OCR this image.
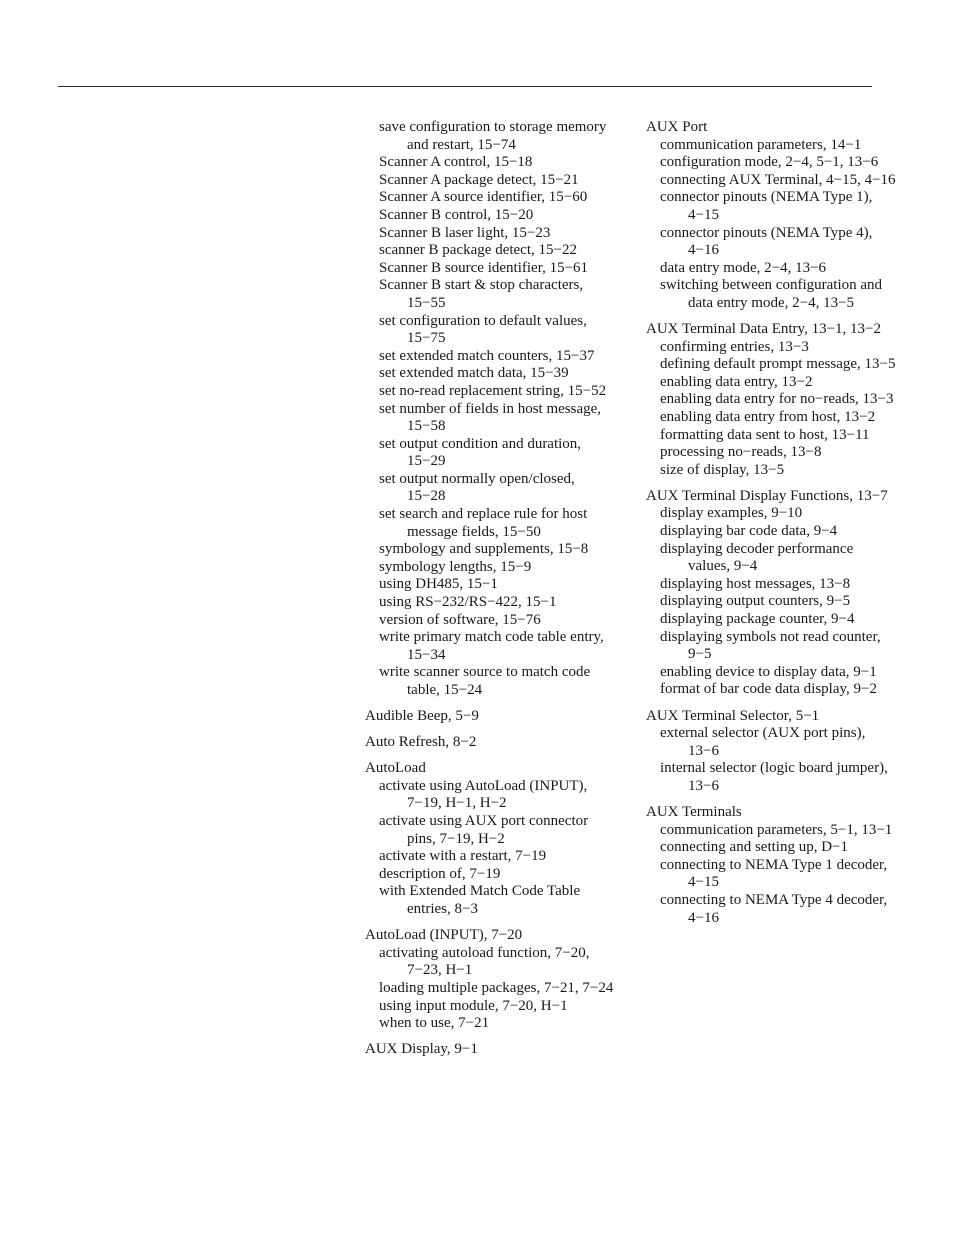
save configuration to storage memory and restart, 15−74
Scanner A control, 15−18
Scanner A package detect, 15−21
Scanner A source identifier, 15−60
Scanner B control, 15−20
Scanner B laser light, 15−23
scanner B package detect, 15−22
Scanner B source identifier, 15−61
Scanner B start & stop characters, 15−55
set configuration to default values, 15−75
set extended match counters, 15−37
set extended match data, 15−39
set no-read replacement string, 15−52
set number of fields in host message, 15−58
set output condition and duration, 15−29
set output normally open/closed, 15−28
set search and replace rule for host message fields, 15−50
symbology and supplements, 15−8
symbology lengths, 15−9
using DH485, 15−1
using RS−232/RS−422, 15−1
version of software, 15−76
write primary match code table entry, 15−34
write scanner source to match code table, 15−24
Audible Beep, 5−9
Auto Refresh, 8−2
AutoLoad
activate using AutoLoad (INPUT), 7−19, H−1, H−2
activate using AUX port connector pins, 7−19, H−2
activate with a restart, 7−19
description of, 7−19
with Extended Match Code Table entries, 8−3
AutoLoad (INPUT), 7−20
activating autoload function, 7−20, 7−23, H−1
loading multiple packages, 7−21, 7−24
using input module, 7−20, H−1
when to use, 7−21
AUX Display, 9−1
AUX Port
communication parameters, 14−1
configuration mode, 2−4, 5−1, 13−6
connecting AUX Terminal, 4−15, 4−16
connector pinouts (NEMA Type 1), 4−15
connector pinouts (NEMA Type 4), 4−16
data entry mode, 2−4, 13−6
switching between configuration and data entry mode, 2−4, 13−5
AUX Terminal Data Entry, 13−1, 13−2
confirming entries, 13−3
defining default prompt message, 13−5
enabling data entry, 13−2
enabling data entry for no−reads, 13−3
enabling data entry from host, 13−2
formatting data sent to host, 13−11
processing no−reads, 13−8
size of display, 13−5
AUX Terminal Display Functions, 13−7
display examples, 9−10
displaying bar code data, 9−4
displaying decoder performance values, 9−4
displaying host messages, 13−8
displaying output counters, 9−5
displaying package counter, 9−4
displaying symbols not read counter, 9−5
enabling device to display data, 9−1
format of bar code data display, 9−2
AUX Terminal Selector, 5−1
external selector (AUX port pins), 13−6
internal selector (logic board jumper), 13−6
AUX Terminals
communication parameters, 5−1, 13−1
connecting and setting up, D−1
connecting to NEMA Type 1 decoder, 4−15
connecting to NEMA Type 4 decoder, 4−16
